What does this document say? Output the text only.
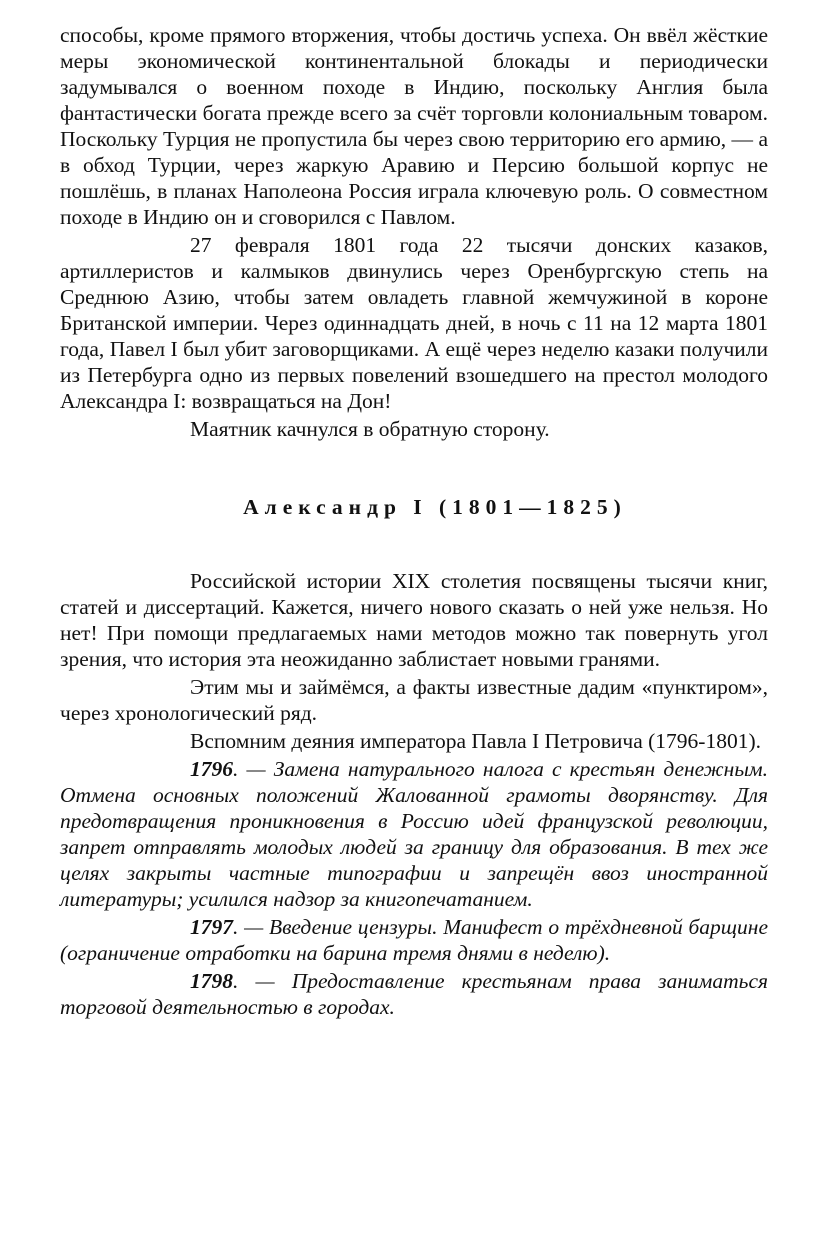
способы, кроме прямого вторжения, чтобы достичь успеха. Он ввёл жёсткие меры экономической континентальной блокады и периодически задумывался о военном походе в Индию, поскольку Англия была фантастически богата прежде всего за счёт торговли колониальным товаром. Поскольку Турция не пропустила бы через свою территорию его армию, — а в обход Турции, через жаркую Аравию и Персию большой корпус не пошлёшь, в планах Наполеона Россия играла ключевую роль. О совместном походе в Индию он и сговорился с Павлом.

27 февраля 1801 года 22 тысячи донских казаков, артиллеристов и калмыков двинулись через Оренбургскую степь на Среднюю Азию, чтобы затем овладеть главной жемчужиной в короне Британской империи. Через одиннадцать дней, в ночь с 11 на 12 марта 1801 года, Павел I был убит заговорщиками. А ещё через неделю казаки получили из Петербурга одно из первых повелений взошедшего на престол молодого Александра I: возвращаться на Дон!

Маятник качнулся в обратную сторону.

Александр I (1801—1825)

Российской истории XIX столетия посвящены тысячи книг, статей и диссертаций. Кажется, ничего нового сказать о ней уже нельзя. Но нет! При помощи предлагаемых нами методов можно так повернуть угол зрения, что история эта неожиданно заблистает новыми гранями.

Этим мы и займёмся, а факты известные дадим «пунктиром», через хронологический ряд.

Вспомним деяния императора Павла I Петровича (1796-1801).

1796. — Замена натурального налога с крестьян денежным. Отмена основных положений Жалованной грамоты дворянству. Для предотвращения проникновения в Россию идей французской революции, запрет отправлять молодых людей за границу для образования. В тех же целях закрыты частные типографии и запрещён ввоз иностранной литературы; усилился надзор за книгопечатанием.

1797. — Введение цензуры. Манифест о трёхдневной барщине (ограничение отработки на барина тремя днями в неделю).

1798. — Предоставление крестьянам права заниматься торговой деятельностью в городах.
